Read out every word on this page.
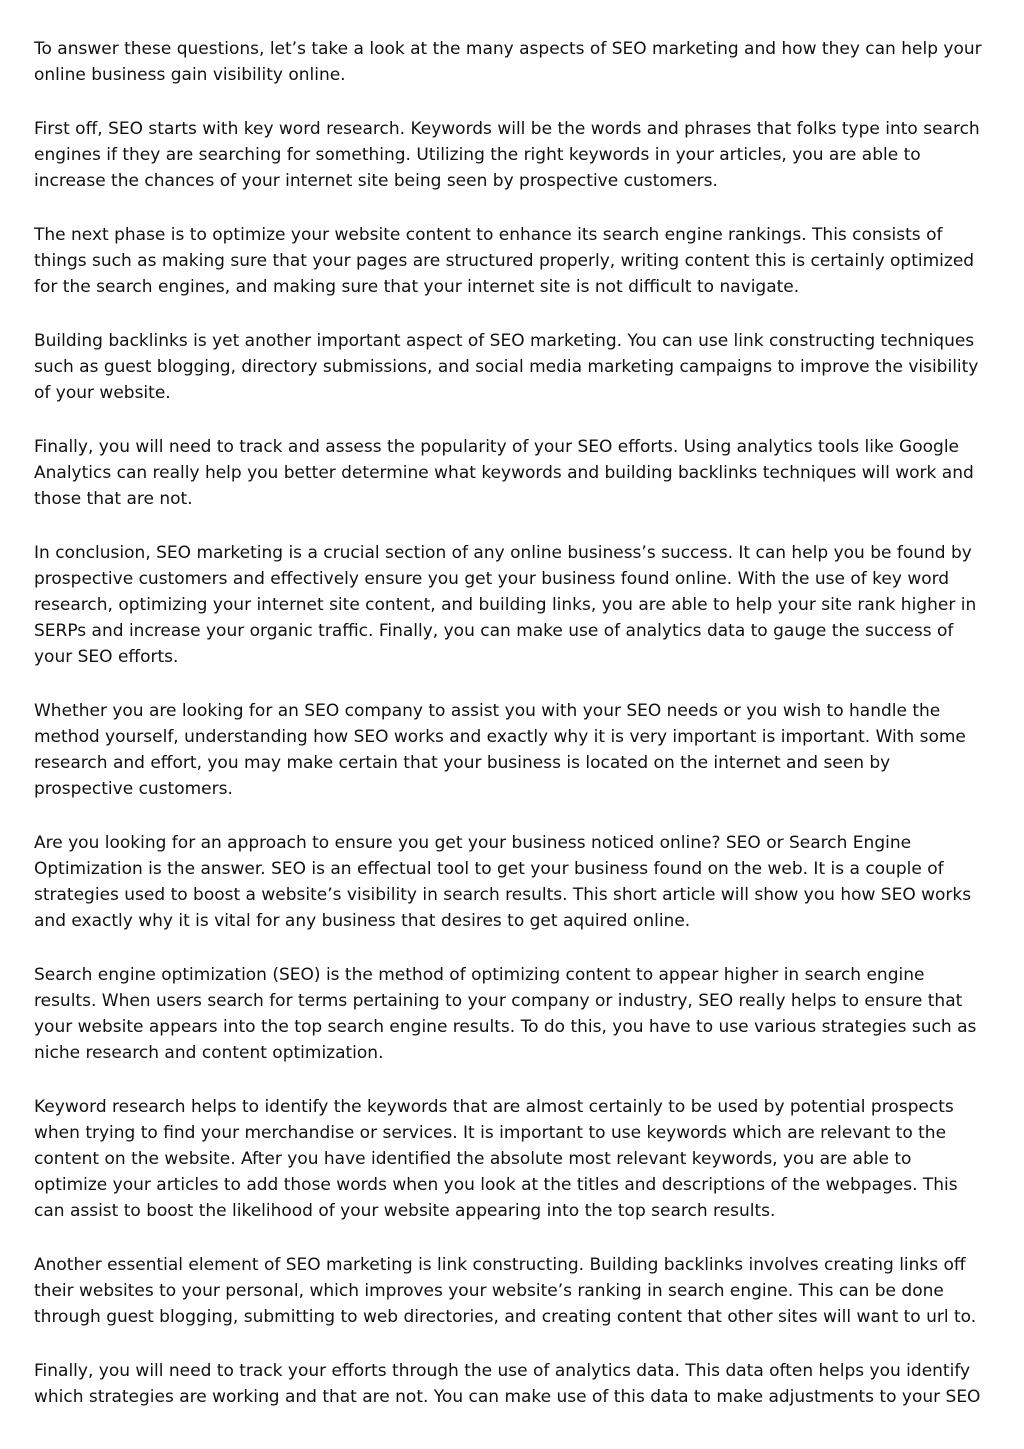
To answer these questions, let’s take a look at the many aspects of SEO marketing and how they can help your online business gain visibility online.

First off, SEO starts with key word research. Keywords will be the words and phrases that folks type into search engines if they are searching for something. Utilizing the right keywords in your articles, you are able to increase the chances of your internet site being seen by prospective customers.

The next phase is to optimize your website content to enhance its search engine rankings. This consists of things such as making sure that your pages are structured properly, writing content this is certainly optimized for the search engines, and making sure that your internet site is not difficult to navigate.

Building backlinks is yet another important aspect of SEO marketing. You can use link constructing techniques such as guest blogging, directory submissions, and social media marketing campaigns to improve the visibility of your website.

Finally, you will need to track and assess the popularity of your SEO efforts. Using analytics tools like Google Analytics can really help you better determine what keywords and building backlinks techniques will work and those that are not.

In conclusion, SEO marketing is a crucial section of any online business’s success. It can help you be found by prospective customers and effectively ensure you get your business found online. With the use of key word research, optimizing your internet site content, and building links, you are able to help your site rank higher in SERPs and increase your organic traffic. Finally, you can make use of analytics data to gauge the success of your SEO efforts.

Whether you are looking for an SEO company to assist you with your SEO needs or you wish to handle the method yourself, understanding how SEO works and exactly why it is very important is important. With some research and effort, you may make certain that your business is located on the internet and seen by prospective customers.

Are you looking for an approach to ensure you get your business noticed online? SEO or Search Engine Optimization is the answer. SEO is an effectual tool to get your business found on the web. It is a couple of strategies used to boost a website’s visibility in search results. This short article will show you how SEO works and exactly why it is vital for any business that desires to get aquired online.

Search engine optimization (SEO) is the method of optimizing content to appear higher in search engine results. When users search for terms pertaining to your company or industry, SEO really helps to ensure that your website appears into the top search engine results. To do this, you have to use various strategies such as niche research and content optimization.

Keyword research helps to identify the keywords that are almost certainly to be used by potential prospects when trying to find your merchandise or services. It is important to use keywords which are relevant to the content on the website. After you have identified the absolute most relevant keywords, you are able to optimize your articles to add those words when you look at the titles and descriptions of the webpages. This can assist to boost the likelihood of your website appearing into the top search results.

Another essential element of SEO marketing is link constructing. Building backlinks involves creating links off their websites to your personal, which improves your website’s ranking in search engine. This can be done through guest blogging, submitting to web directories, and creating content that other sites will want to url to.

Finally, you will need to track your efforts through the use of analytics data. This data often helps you identify which strategies are working and that are not. You can make use of this data to make adjustments to your SEO
